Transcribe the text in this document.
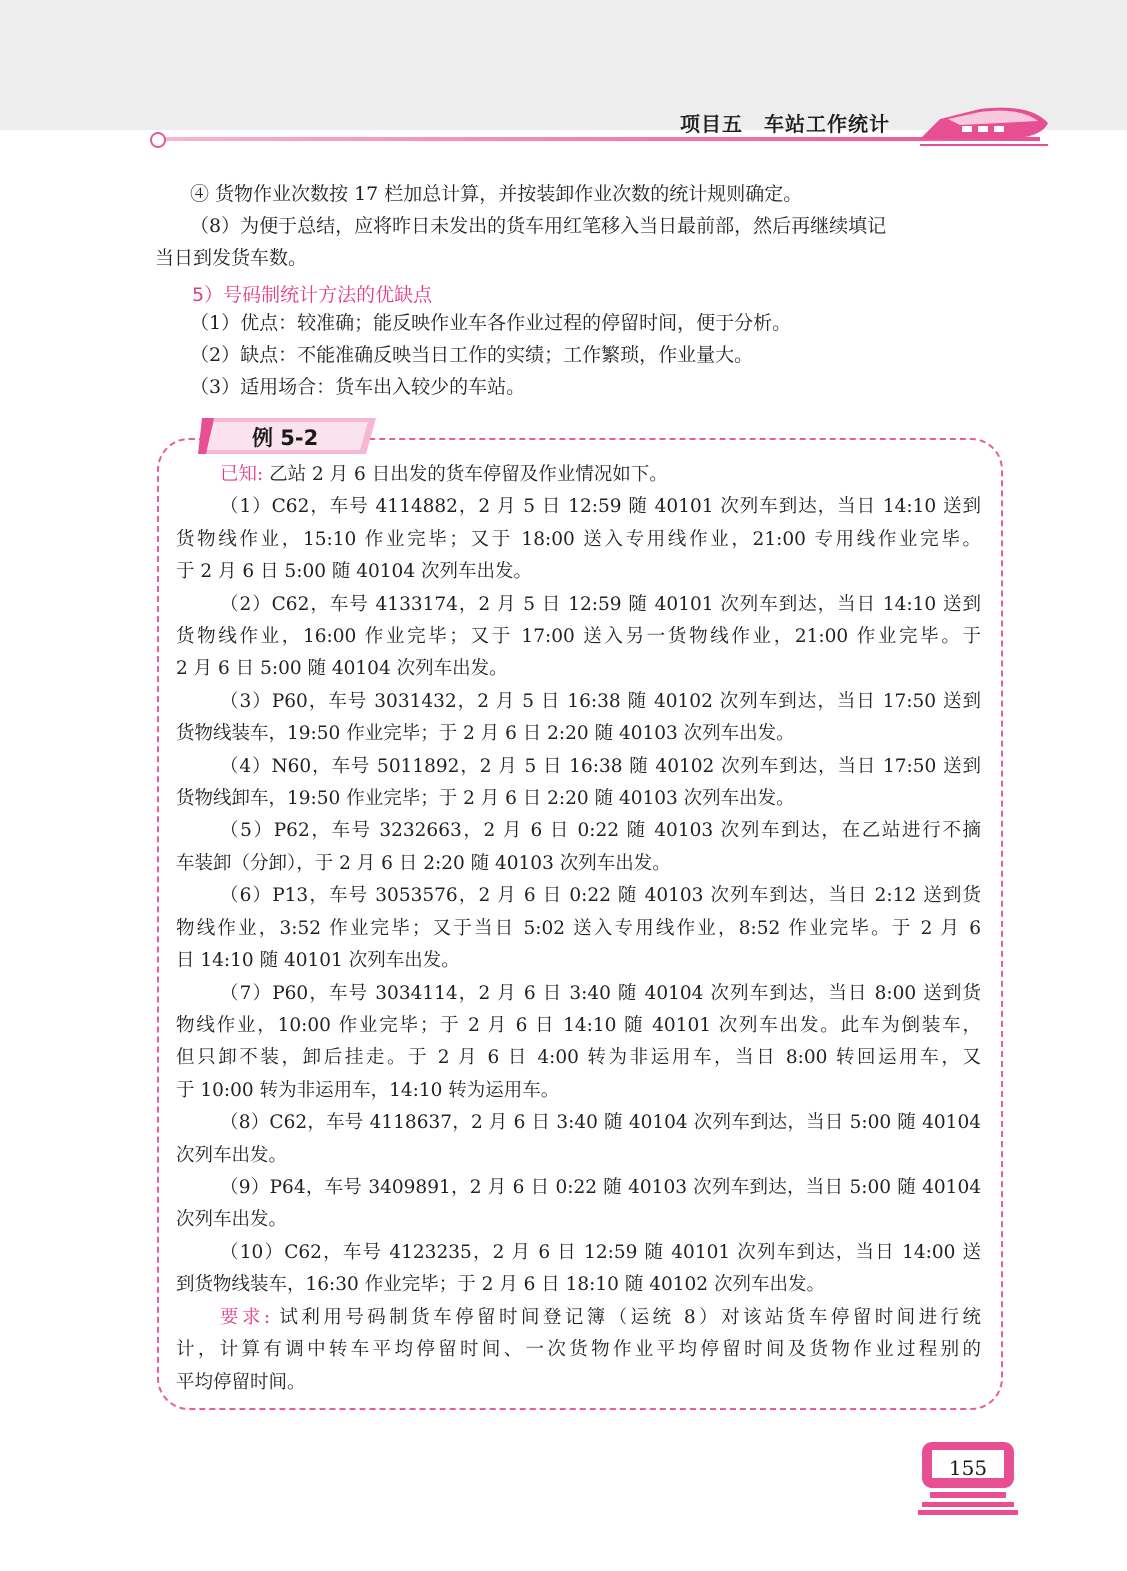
项目五　车站工作统计
④ 货物作业次数按 17 栏加总计算，并按装卸作业次数的统计规则确定。
（8）为便于总结，应将昨日未发出的货车用红笔移入当日最前部，然后再继续填记
当日到发货车数。
5）号码制统计方法的优缺点
（1）优点：较准确；能反映作业车各作业过程的停留时间，便于分析。
（2）缺点：不能准确反映当日工作的实绩；工作繁琐，作业量大。
（3）适用场合：货车出入较少的车站。
例 5-2
已知: 乙站 2 月 6 日出发的货车停留及作业情况如下。
（1）C62，车号 4114882，2 月 5 日 12:59 随 40101 次列车到达，当日 14:10 送到
货物线作业，15:10 作业完毕；又于 18:00 送入专用线作业，21:00 专用线作业完毕。
于 2 月 6 日 5:00 随 40104 次列车出发。
（2）C62，车号 4133174，2 月 5 日 12:59 随 40101 次列车到达，当日 14:10 送到
货物线作业，16:00 作业完毕；又于 17:00 送入另一货物线作业，21:00 作业完毕。于
2 月 6 日 5:00 随 40104 次列车出发。
（3）P60，车号 3031432，2 月 5 日 16:38 随 40102 次列车到达，当日 17:50 送到
货物线装车，19:50 作业完毕；于 2 月 6 日 2:20 随 40103 次列车出发。
（4）N60，车号 5011892，2 月 5 日 16:38 随 40102 次列车到达，当日 17:50 送到
货物线卸车，19:50 作业完毕；于 2 月 6 日 2:20 随 40103 次列车出发。
（5）P62，车号 3232663，2 月 6 日 0:22 随 40103 次列车到达，在乙站进行不摘
车装卸（分卸），于 2 月 6 日 2:20 随 40103 次列车出发。
（6）P13，车号 3053576，2 月 6 日 0:22 随 40103 次列车到达，当日 2:12 送到货
物线作业，3:52 作业完毕；又于当日 5:02 送入专用线作业，8:52 作业完毕。于 2 月 6
日 14:10 随 40101 次列车出发。
（7）P60，车号 3034114，2 月 6 日 3:40 随 40104 次列车到达，当日 8:00 送到货
物线作业，10:00 作业完毕；于 2 月 6 日 14:10 随 40101 次列车出发。此车为倒装车，
但只卸不装，卸后挂走。于 2 月 6 日 4:00 转为非运用车，当日 8:00 转回运用车，又
于 10:00 转为非运用车，14:10 转为运用车。
（8）C62，车号 4118637，2 月 6 日 3:40 随 40104 次列车到达，当日 5:00 随 40104
次列车出发。
（9）P64，车号 3409891，2 月 6 日 0:22 随 40103 次列车到达，当日 5:00 随 40104
次列车出发。
（10）C62，车号 4123235，2 月 6 日 12:59 随 40101 次列车到达，当日 14:00 送
到货物线装车，16:30 作业完毕；于 2 月 6 日 18:10 随 40102 次列车出发。
要求: 试利用号码制货车停留时间登记簿（运统 8）对该站货车停留时间进行统
计，计算有调中转车平均停留时间、一次货物作业平均停留时间及货物作业过程别的
平均停留时间。
155
